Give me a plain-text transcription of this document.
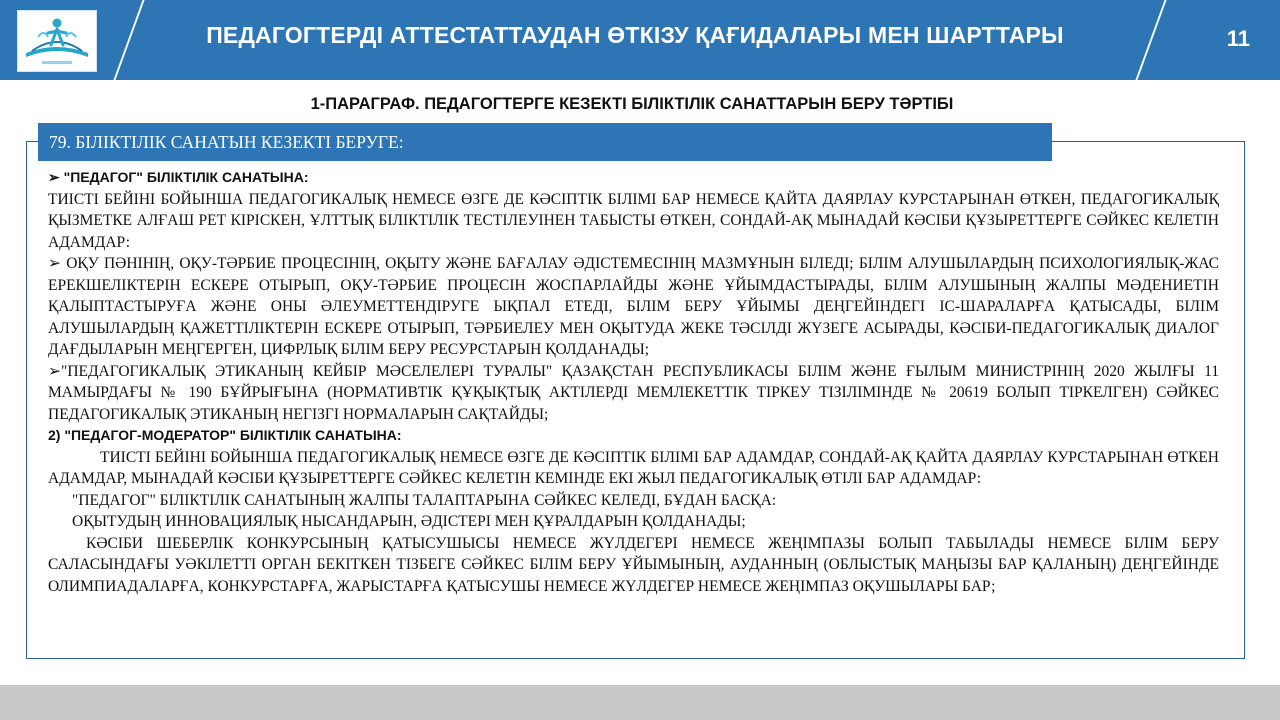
ПЕДАГОГТЕРДІ АТТЕСТАТТАУДАН ӨТКІЗУ ҚАҒИДАЛАРЫ МЕН ШАРТТАРЫ	11
1-ПАРАГРАФ. ПЕДАГОГТЕРГЕ КЕЗЕКТІ БІЛІКТІЛІК САНАТТАРЫН БЕРУ ТӘРТІБІ
79. БІЛІКТІЛІК САНАТЫН КЕЗЕКТІ БЕРУГЕ:

➢ "ПЕДАГОГ" БІЛІКТІЛІК САНАТЫНА:

ТИІСТІ БЕЙІНІ БОЙЫНША ПЕДАГОГИКАЛЫҚ НЕМЕСЕ ӨЗГЕ ДЕ КӘСІПТІК БІЛІМІ БАР НЕМЕСЕ ҚАЙТА ДАЯРЛАУ КУРСТАРЫНАН ӨТКЕН, ПЕДАГОГИКАЛЫҚ ҚЫЗМЕТКЕ АЛҒАШ РЕТ КІРІСКЕН, ҰЛТТЫҚ БІЛІКТІЛІК ТЕСТІЛЕУІНЕН ТАБЫСТЫ ӨТКЕН, СОНДАЙ-АҚ МЫНАДАЙ КӘСІБИ ҚҰЗЫРЕТТЕРГЕ СӘЙКЕС КЕЛЕТІН АДАМДАР:

➢ ОҚУ ПӘНІНІҢ, ОҚУ-ТӘРБИЕ ПРОЦЕСІНІҢ, ОҚЫТУ ЖӘНЕ БАҒАЛАУ ӘДІСТЕМЕСІНІҢ МАЗМҰНЫН БІЛЕДІ; БІЛІМ АЛУШЫЛАРДЫҢ ПСИХОЛОГИЯЛЫҚ-ЖАС ЕРЕКШЕЛІКТЕРІН ЕСКЕРЕ ОТЫРЫП, ОҚУ-ТӘРБИЕ ПРОЦЕСІН ЖОСПАРЛАЙДЫ ЖӘНЕ ҰЙЫМДАСТЫРАДЫ, БІЛІМ АЛУШЫНЫҢ ЖАЛПЫ МӘДЕНИЕТІН ҚАЛЫПТАСТЫРУҒА ЖӘНЕ ОНЫ ӘЛЕУМЕТТЕНДІРУГЕ ЫҚПАЛ ЕТЕДІ, БІЛІМ БЕРУ ҰЙЫМЫ ДЕҢГЕЙІНДЕГІ ІС-ШАРАЛАРҒА ҚАТЫСАДЫ, БІЛІМ АЛУШЫЛАРДЫҢ ҚАЖЕТТІЛІКТЕРІН ЕСКЕРЕ ОТЫРЫП, ТӘРБИЕЛЕУ МЕН ОҚЫТУДА ЖЕКЕ ТӘСІЛДІ ЖҮЗЕГЕ АСЫРАДЫ, КӘСІБИ-ПЕДАГОГИКАЛЫҚ ДИАЛОГ ДАҒДЫЛАРЫН МЕҢГЕРГЕН, ЦИФРЛЫҚ БІЛІМ БЕРУ РЕСУРСТАРЫН ҚОЛДАНАДЫ;

➢"ПЕДАГОГИКАЛЫҚ ЭТИКАНЫҢ КЕЙБІР МӘСЕЛЕЛЕРІ ТУРАЛЫ" ҚАЗАҚСТАН РЕСПУБЛИКАСЫ БІЛІМ ЖӘНЕ ҒЫЛЫМ МИНИСТРІНІҢ 2020 ЖЫЛҒЫ 11 МАМЫРДАҒЫ № 190 БҰЙРЫҒЫНА (НОРМАТИВТІК ҚҰҚЫҚТЫҚ АКТІЛЕРДІ МЕМЛЕКЕТТІК ТІРКЕУ ТІЗІЛІМІНДЕ № 20619 БОЛЫП ТІРКЕЛГЕН) СӘЙКЕС ПЕДАГОГИКАЛЫҚ ЭТИКАНЫҢ НЕГІЗГІ НОРМАЛАРЫН САҚТАЙДЫ;

2) "ПЕДАГОГ-МОДЕРАТОР" БІЛІКТІЛІК САНАТЫНА:

ТИІСТІ БЕЙІНІ БОЙЫНША ПЕДАГОГИКАЛЫҚ НЕМЕСЕ ӨЗГЕ ДЕ КӘСІПТІК БІЛІМІ БАР АДАМДАР, СОНДАЙ-АҚ ҚАЙТА ДАЯРЛАУ КУРСТАРЫНАН ӨТКЕН АДАМДАР, МЫНАДАЙ КӘСІБИ ҚҰЗЫРЕТТЕРГЕ СӘЙКЕС КЕЛЕТІН КЕМІНДЕ ЕКІ ЖЫЛ ПЕДАГОГИКАЛЫҚ ӨТІЛІ БАР АДАМДАР:

"ПЕДАГОГ" БІЛІКТІЛІК САНАТЫНЫҢ ЖАЛПЫ ТАЛАПТАРЫНА СӘЙКЕС КЕЛЕДІ, БҰДАН БАСҚА:

ОҚЫТУДЫҢ ИННОВАЦИЯЛЫҚ НЫСАНДАРЫН, ӘДІСТЕРІ МЕН ҚҰРАЛДАРЫН ҚОЛДАНАДЫ;

КӘСІБИ ШЕБЕРЛІК КОНКУРСЫНЫҢ ҚАТЫСУШЫСЫ НЕМЕСЕ ЖҮЛДЕГЕРІ НЕМЕСЕ ЖЕҢІМПАЗЫ БОЛЫП ТАБЫЛАДЫ НЕМЕСЕ БІЛІМ БЕРУ САЛАСЫНДАҒЫ УӘКІЛЕТТІ ОРГАН БЕКІТКЕН ТІЗБЕГЕ СӘЙКЕС БІЛІМ БЕРУ ҰЙЫМЫНЫҢ, АУДАННЫҢ (ОБЛЫСТЫҚ МАҢЫЗЫ БАР ҚАЛАНЫҢ) ДЕҢГЕЙІНДЕ ОЛИМПИАДАЛАРҒА, КОНКУРСТАРҒА, ЖАРЫСТАРҒА ҚАТЫСУШЫ НЕМЕСЕ ЖҮЛДЕГЕР НЕМЕСЕ ЖЕҢІМПАЗ ОҚУШЫЛАРЫ БАР;
